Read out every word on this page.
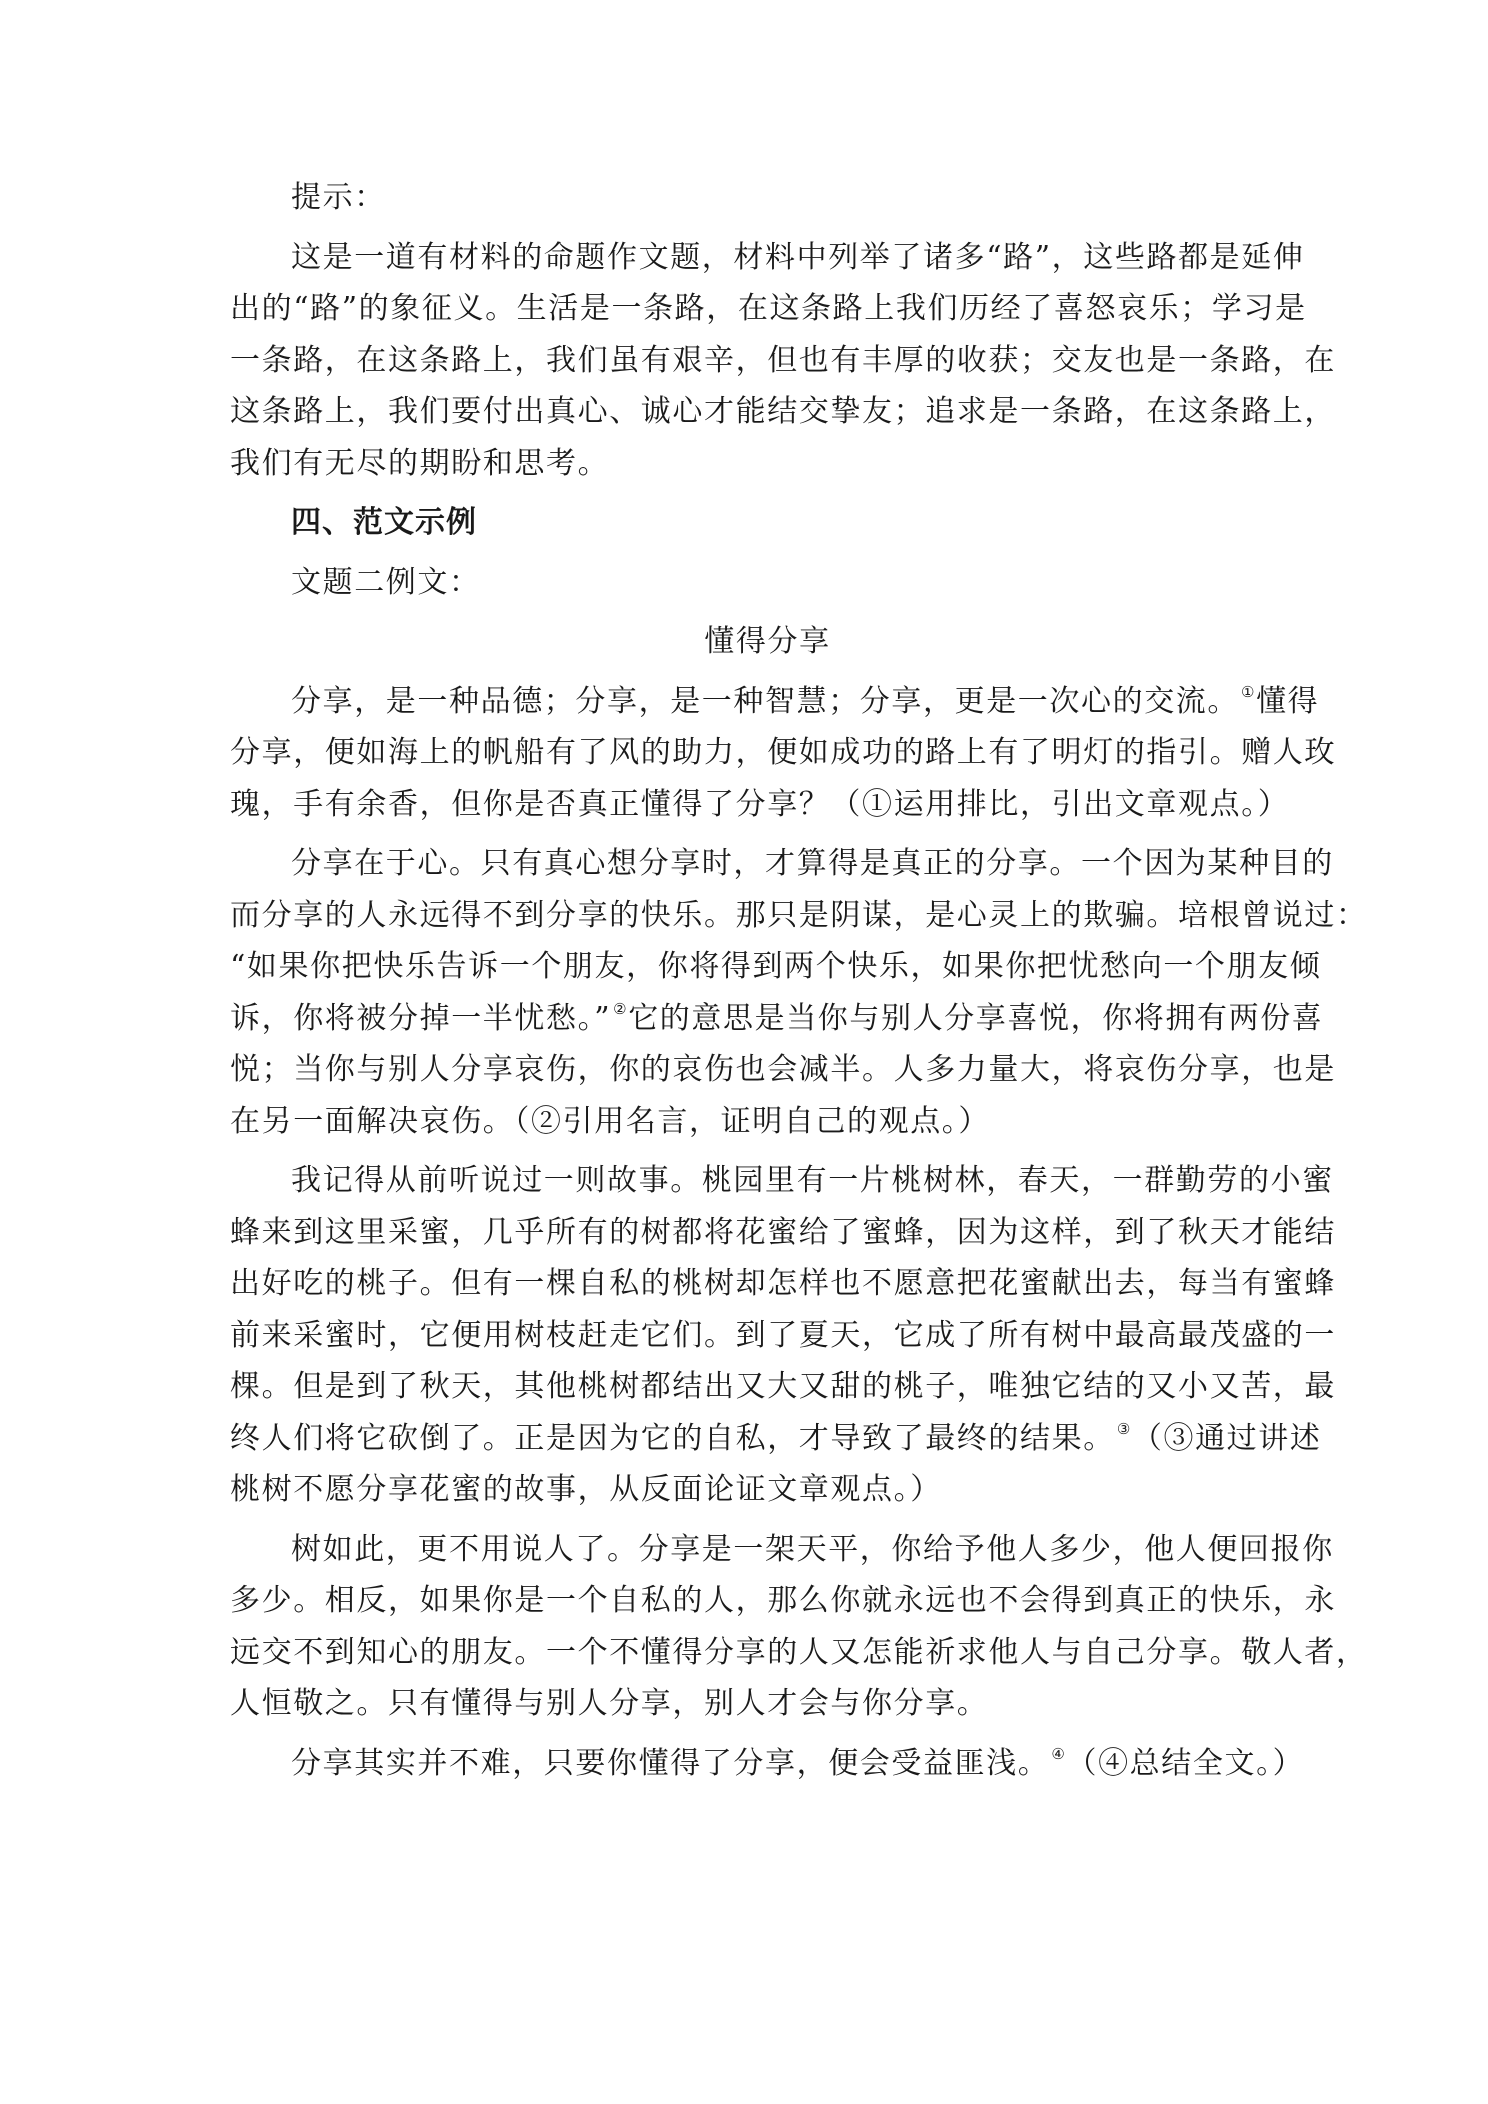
提示：
这是一道有材料的命题作文题，材料中列举了诸多“路”，这些路都是延伸
出的“路”的象征义。生活是一条路，在这条路上我们历经了喜怒哀乐；学习是
一条路，在这条路上，我们虽有艰辛，但也有丰厚的收获；交友也是一条路，在
这条路上，我们要付出真心、诚心才能结交挚友；追求是一条路，在这条路上，
我们有无尽的期盼和思考。
四、范文示例
文题二例文：
懂得分享
分享，是一种品德；分享，是一种智慧；分享，更是一次心的交流。 ①懂得
分享，便如海上的帆船有了风的助力，便如成功的路上有了明灯的指引。赠人玫
瑰，手有余香，但你是否真正懂得了分享？（①运用排比，引出文章观点。）
分享在于心。只有真心想分享时，才算得是真正的分享。一个因为某种目的
而分享的人永远得不到分享的快乐。那只是阴谋，是心灵上的欺骗。培根曾说过：
“如果你把快乐告诉一个朋友，你将得到两个快乐，如果你把忧愁向一个朋友倾
诉，你将被分掉一半忧愁。” ②它的意思是当你与别人分享喜悦，你将拥有两份喜
悦；当你与别人分享哀伤，你的哀伤也会减半。人多力量大，将哀伤分享，也是
在另一面解决哀伤。（②引用名言，证明自己的观点。）
我记得从前听说过一则故事。桃园里有一片桃树林，春天，一群勤劳的小蜜
蜂来到这里采蜜，几乎所有的树都将花蜜给了蜜蜂，因为这样，到了秋天才能结
出好吃的桃子。但有一棵自私的桃树却怎样也不愿意把花蜜献出去，每当有蜜蜂
前来采蜜时，它便用树枝赶走它们。到了夏天，它成了所有树中最高最茂盛的一
棵。但是到了秋天，其他桃树都结出又大又甜的桃子，唯独它结的又小又苦，最
终人们将它砍倒了。正是因为它的自私，才导致了最终的结果。 ③（③通过讲述
桃树不愿分享花蜜的故事，从反面论证文章观点。）
树如此，更不用说人了。分享是一架天平，你给予他人多少，他人便回报你
多少。相反，如果你是一个自私的人，那么你就永远也不会得到真正的快乐，永
远交不到知心的朋友。一个不懂得分享的人又怎能祈求他人与自己分享。敬人者，
人恒敬之。只有懂得与别人分享，别人才会与你分享。
分享其实并不难，只要你懂得了分享，便会受益匪浅。 ④（④总结全文。）
